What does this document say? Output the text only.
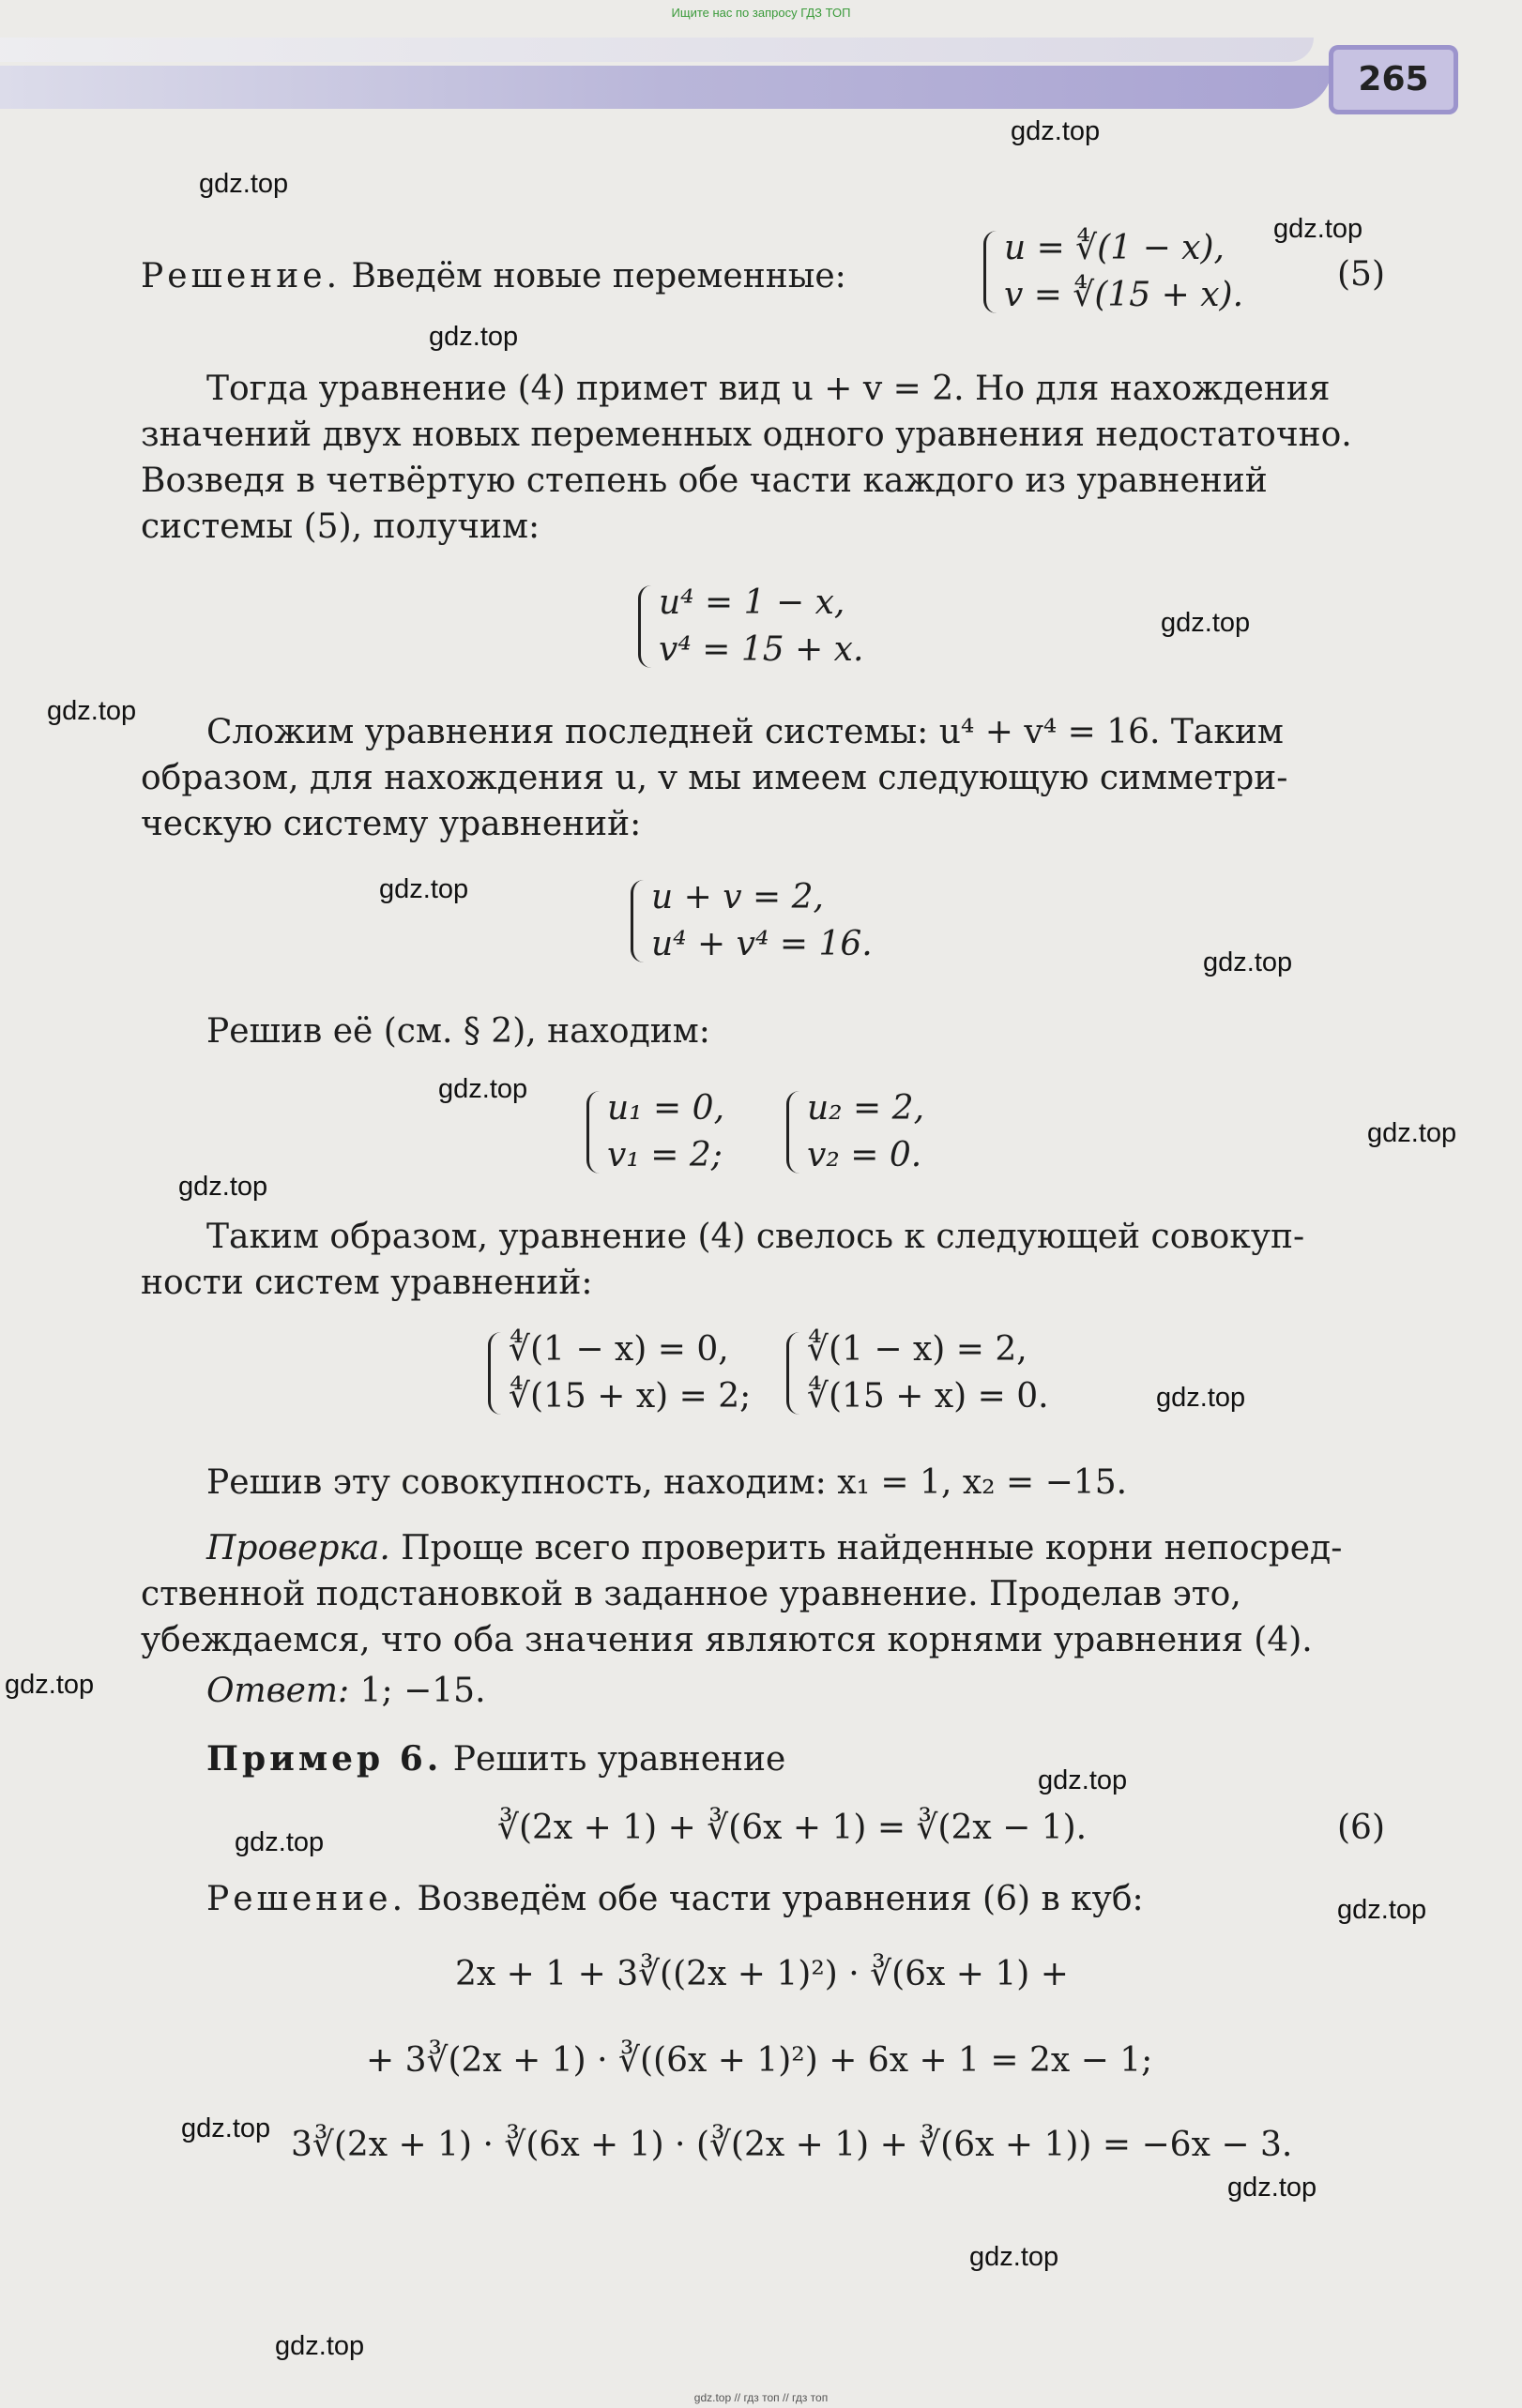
Ищите нас по запросу ГДЗ ТОП
265
gdz.top
gdz.top
gdz.top
gdz.top
gdz.top
gdz.top
gdz.top
gdz.top
gdz.top
gdz.top
gdz.top
gdz.top
gdz.top
gdz.top
gdz.top
gdz.top
gdz.top
gdz.top
gdz.top
gdz.top
Решение. Введём новые переменные:
u = ∜(1 − x),
v = ∜(15 + x).
(5)
Тогда уравнение (4) примет вид u + v = 2. Но для нахождения
значений двух новых переменных одного уравнения недостаточно.
Возведя в четвёртую степень обе части каждого из уравнений
системы (5), получим:
u⁴ = 1 − x,
v⁴ = 15 + x.
Сложим уравнения последней системы: u⁴ + v⁴ = 16. Таким
образом, для нахождения u, v мы имеем следующую симметри-
ческую систему уравнений:
u + v = 2,
u⁴ + v⁴ = 16.
Решив её (см. § 2), находим:
u₁ = 0,
v₁ = 2;
u₂ = 2,
v₂ = 0.
Таким образом, уравнение (4) свелось к следующей совокуп-
ности систем уравнений:
∜(1 − x) = 0,
∜(15 + x) = 2;
∜(1 − x) = 2,
∜(15 + x) = 0.
Решив эту совокупность, находим: x₁ = 1, x₂ = −15.
Проверка. Проще всего проверить найденные корни непосред-
ственной подстановкой в заданное уравнение. Проделав это,
убеждаемся, что оба значения являются корнями уравнения (4).
Ответ: 1; −15.
Пример 6. Решить уравнение
∛(2x + 1) + ∛(6x + 1) = ∛(2x − 1).	(6)
Решение. Возведём обе части уравнения (6) в куб:
2x + 1 + 3∛((2x + 1)²) · ∛(6x + 1) +
+ 3∛(2x + 1) · ∛((6x + 1)²) + 6x + 1 = 2x − 1;
3∛(2x + 1) · ∛(6x + 1) · (∛(2x + 1) + ∛(6x + 1)) = −6x − 3.
gdz.top // гдз топ // гдз топ
